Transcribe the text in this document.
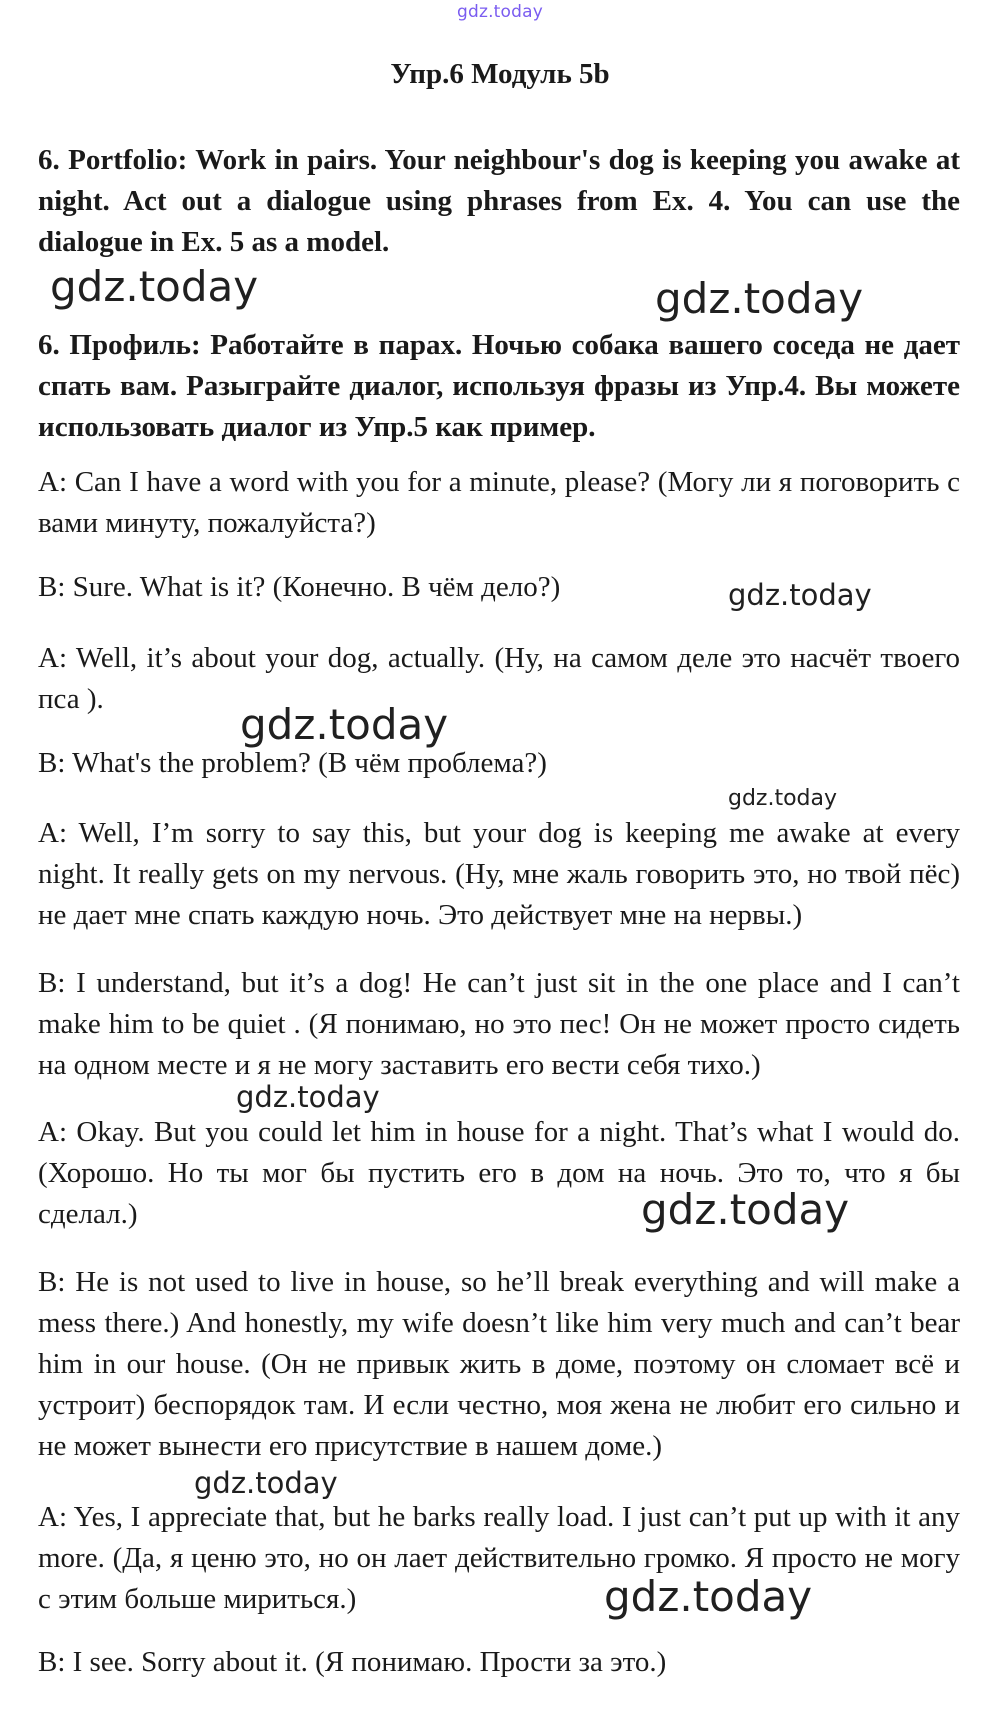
gdz.today
Упр.6 Модуль 5b

6. Portfolio: Work in pairs. Your neighbour's dog is keeping you awake at night. Act out a dialogue using phrases from Ex. 4. You can use the dialogue in Ex. 5 as a model.

6. Профиль: Работайте в парах. Ночью собака вашего соседа не дает спать вам. Разыграйте диалог, используя фразы из Упр.4. Вы можете использовать диалог из Упр.5 как пример.

A: Can I have a word with you for a minute, please? (Могу ли я поговорить с вами минуту, пожалуйста?)

B: Sure. What is it? (Конечно. В чём дело?)

A: Well, it’s about your dog, actually. (Ну, на самом деле это насчёт твоего пса ).

B: What's the problem? (В чём проблема?)

A: Well, I’m sorry to say this, but your dog is keeping me awake at every night. It really gets on my nervous. (Ну, мне жаль говорить это, но твой пёс) не дает мне спать каждую ночь. Это действует мне на нервы.)

B: I understand, but it’s a dog! He can’t just sit in the one place and I can’t make him to be quiet . (Я понимаю, но это пес! Он не может просто сидеть на одном месте и я не могу заставить его вести себя тихо.)

A: Okay. But you could let him in house for a night. That’s what I would do. (Хорошо. Но ты мог бы пустить его в дом на ночь. Это то, что я бы сделал.)

B: He is not used to live in house, so he’ll break everything and will make a mess there.) And honestly, my wife doesn’t like him very much and can’t bear him in our house. (Он не привык жить в доме, поэтому он сломает всё и устроит) беспорядок там. И если честно, моя жена не любит его сильно и не может вынести его присутствие в нашем доме.)

A: Yes, I appreciate that, but he barks really load. I just can’t put up with it any more. (Да, я ценю это, но он лает действительно громко. Я просто не могу с этим больше мириться.)

B: I see. Sorry about it. (Я понимаю. Прости за это.)

gdz.today	gdz.today
gdz.today
gdz.today
gdz.today
gdz.today
gdz.today
gdz.today
gdz.today
